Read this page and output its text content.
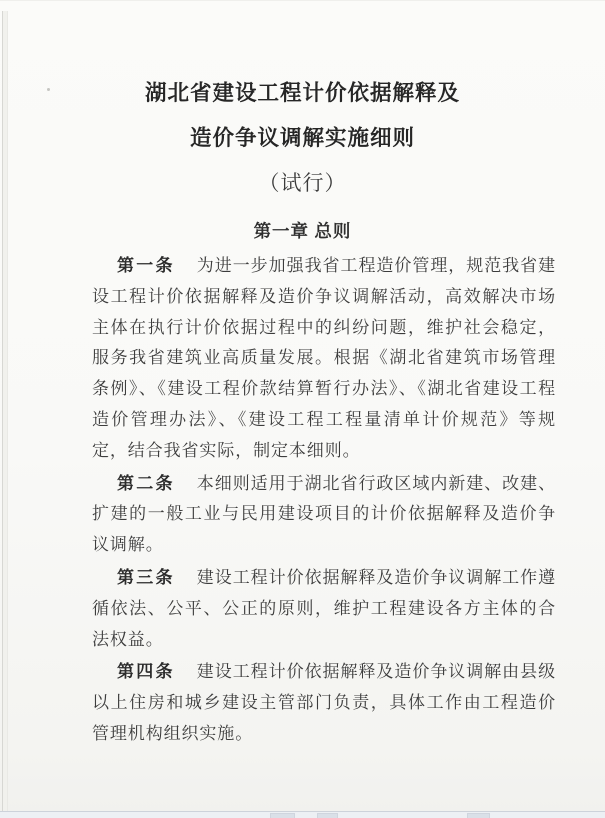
湖北省建设工程计价依据解释及
造价争议调解实施细则
（试行）
第一章 总则

第一条 为进一步加强我省工程造价管理，规范我省建设工程计价依据解释及造价争议调解活动，高效解决市场主体在执行计价依据过程中的纠纷问题，维护社会稳定，服务我省建筑业高质量发展。根据《湖北省建筑市场管理条例》、《建设工程价款结算暂行办法》、《湖北省建设工程造价管理办法》、《建设工程工程量清单计价规范》等规定，结合我省实际，制定本细则。

第二条 本细则适用于湖北省行政区域内新建、改建、扩建的一般工业与民用建设项目的计价依据解释及造价争议调解。

第三条 建设工程计价依据解释及造价争议调解工作遵循依法、公平、公正的原则，维护工程建设各方主体的合法权益。

第四条 建设工程计价依据解释及造价争议调解由县级以上住房和城乡建设主管部门负责，具体工作由工程造价管理机构组织实施。
